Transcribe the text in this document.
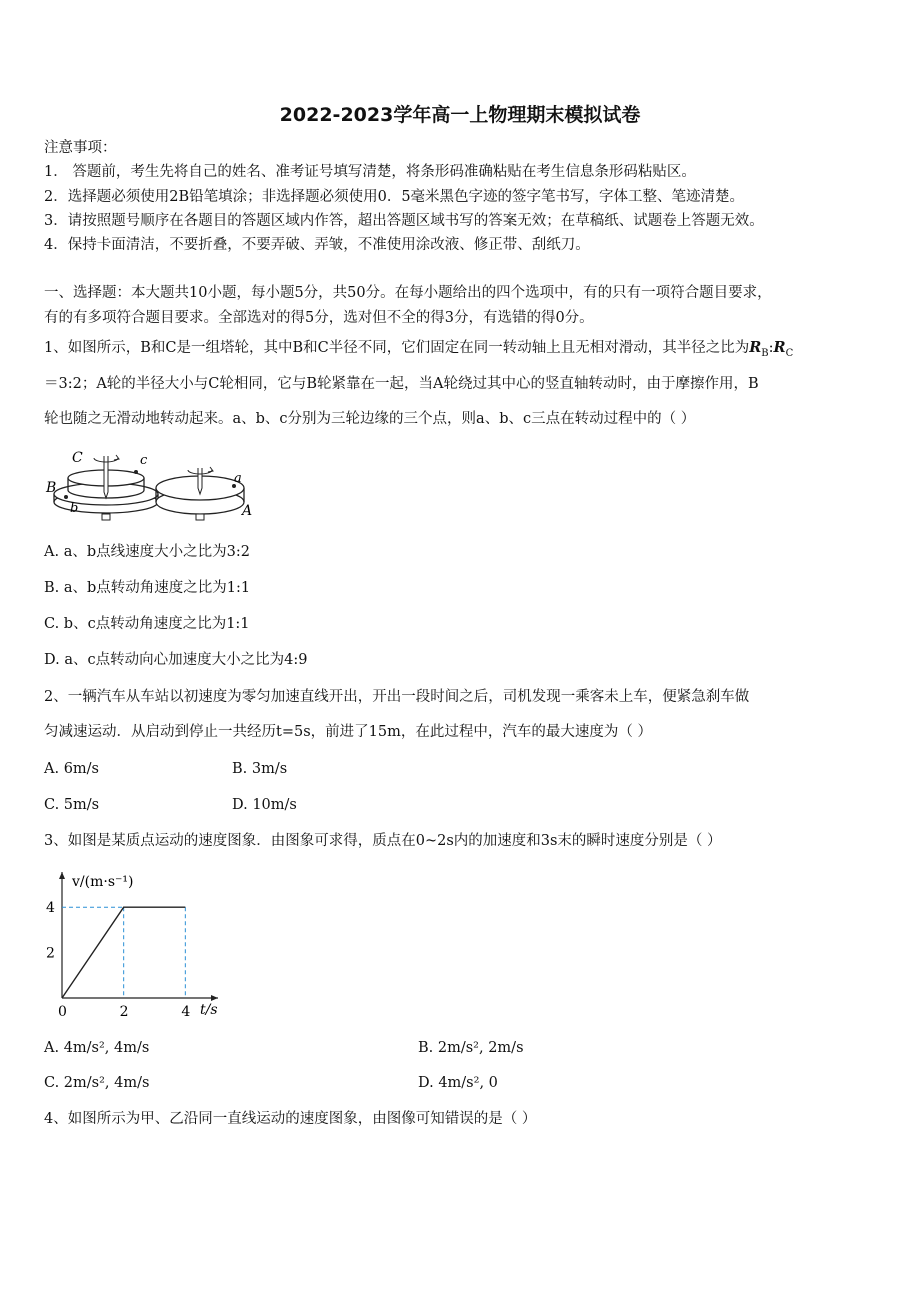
2022-2023学年高一上物理期末模拟试卷
注意事项：
1． 答题前，考生先将自己的姓名、准考证号填写清楚，将条形码准确粘贴在考生信息条形码粘贴区。
2．选择题必须使用2B铅笔填涂；非选择题必须使用0．5毫米黑色字迹的签字笔书写，字体工整、笔迹清楚。
3．请按照题号顺序在各题目的答题区域内作答，超出答题区域书写的答案无效；在草稿纸、试题卷上答题无效。
4．保持卡面清洁，不要折叠，不要弄破、弄皱，不准使用涂改液、修正带、刮纸刀。
一、选择题：本大题共10小题，每小题5分，共50分。在每小题给出的四个选项中，有的只有一项符合题目要求，
有的有多项符合题目要求。全部选对的得5分，选对但不全的得3分，有选错的得0分。
1、如图所示，B和C是一组塔轮，其中B和C半径不同，它们固定在同一转动轴上且无相对滑动，其半径之比为$R_B:R_C$
＝3:2；A轮的半径大小与C轮相同，它与B轮紧靠在一起，当A轮绕过其中心的竖直轴转动时，由于摩擦作用，B
轮也随之无滑动地转动起来。a、b、c分别为三轮边缘的三个点，则a、b、c三点在转动过程中的（ ）
C	c
B
b
a
A
A. a、b点线速度大小之比为3:2
B. a、b点转动角速度之比为1:1
C. b、c点转动角速度之比为1:1
D. a、c点转动向心加速度大小之比为4:9
2、一辆汽车从车站以初速度为零匀加速直线开出，开出一段时间之后，司机发现一乘客未上车，便紧急刹车做
匀减速运动．从启动到停止一共经历t=5s，前进了15m，在此过程中，汽车的最大速度为（ ）
A. 6m/s	B. 3m/s
C. 5m/s	D. 10m/s
3、如图是某质点运动的速度图象．由图象可求得，质点在0~2s内的加速度和3s末的瞬时速度分别是（ ）
0	2	4
2
4
v/(m·s⁻¹)
t/s
A. 4m/s², 4m/s	B. 2m/s², 2m/s
C. 2m/s², 4m/s	D. 4m/s², 0
4、如图所示为甲、乙沿同一直线运动的速度图象，由图像可知错误的是（ ）
